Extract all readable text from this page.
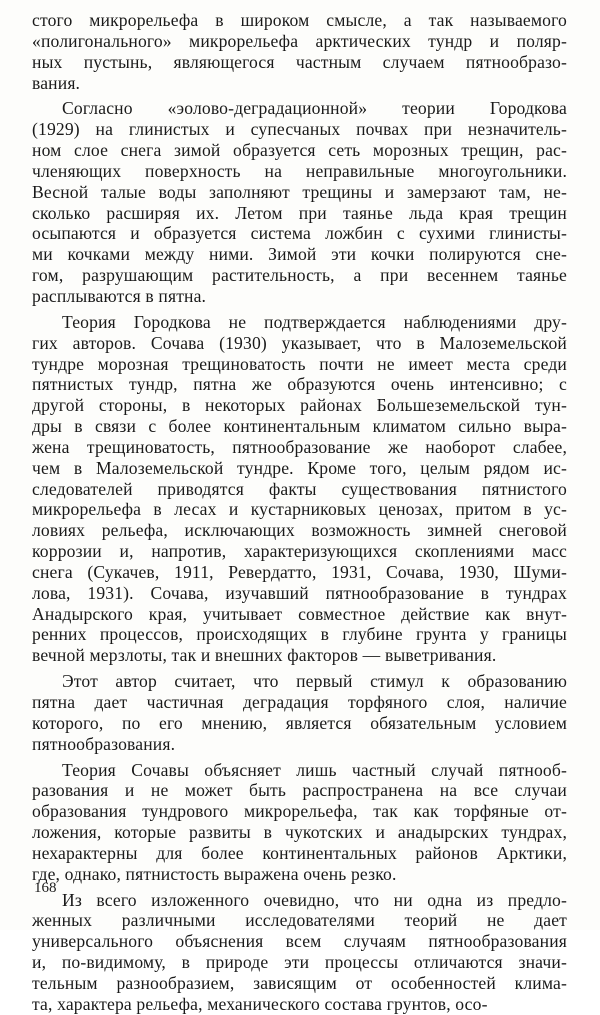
стого микрорельефа в широком смысле, а так называемого
«полигонального» микрорельефа арктических тундр и поляр-
ных пустынь, являющегося частным случаем пятнообразо-
вания.
Согласно «эолово-деградационной» теории Городкова
(1929) на глинистых и супесчаных почвах при незначитель-
ном слое снега зимой образуется сеть морозных трещин, рас-
членяющих поверхность на неправильные многоугольники.
Весной талые воды заполняют трещины и замерзают там, не-
сколько расширяя их. Летом при таянье льда края трещин
осыпаются и образуется система ложбин с сухими глинисты-
ми кочками между ними. Зимой эти кочки полируются сне-
гом, разрушающим растительность, а при весеннем таянье
расплываются в пятна.
Теория Городкова не подтверждается наблюдениями дру-
гих авторов. Сочава (1930) указывает, что в Малоземельской
тундре морозная трещиноватость почти не имеет места среди
пятнистых тундр, пятна же образуются очень интенсивно; с
другой стороны, в некоторых районах Большеземельской тун-
дры в связи с более континентальным климатом сильно выра-
жена трещиноватость, пятнообразование же наоборот слабее,
чем в Малоземельской тундре. Кроме того, целым рядом ис-
следователей приводятся факты существования пятнистого
микрорельефа в лесах и кустарниковых ценозах, притом в ус-
ловиях рельефа, исключающих возможность зимней снеговой
коррозии и, напротив, характеризующихся скоплениями масс
снега (Сукачев, 1911, Ревердатто, 1931, Сочава, 1930, Шуми-
лова, 1931). Сочава, изучавший пятнообразование в тундрах
Анадырского края, учитывает совместное действие как внут-
ренних процессов, происходящих в глубине грунта у границы
вечной мерзлоты, так и внешних факторов — выветривания.
Этот автор считает, что первый стимул к образованию
пятна дает частичная деградация торфяного слоя, наличие
которого, по его мнению, является обязательным условием
пятнообразования.
Теория Сочавы объясняет лишь частный случай пятнооб-
разования и не может быть распространена на все случаи
образования тундрового микрорельефа, так как торфяные от-
ложения, которые развиты в чукотских и анадырских тундрах,
нехарактерны для более континентальных районов Арктики,
где, однако, пятнистость выражена очень резко.
Из всего изложенного очевидно, что ни одна из предло-
женных различными исследователями теорий не дает
универсального объяснения всем случаям пятнообразования
и, по-видимому, в природе эти процессы отличаются значи-
тельным разнообразием, зависящим от особенностей клима-
та, характера рельефа, механического состава грунтов, осо-
168
